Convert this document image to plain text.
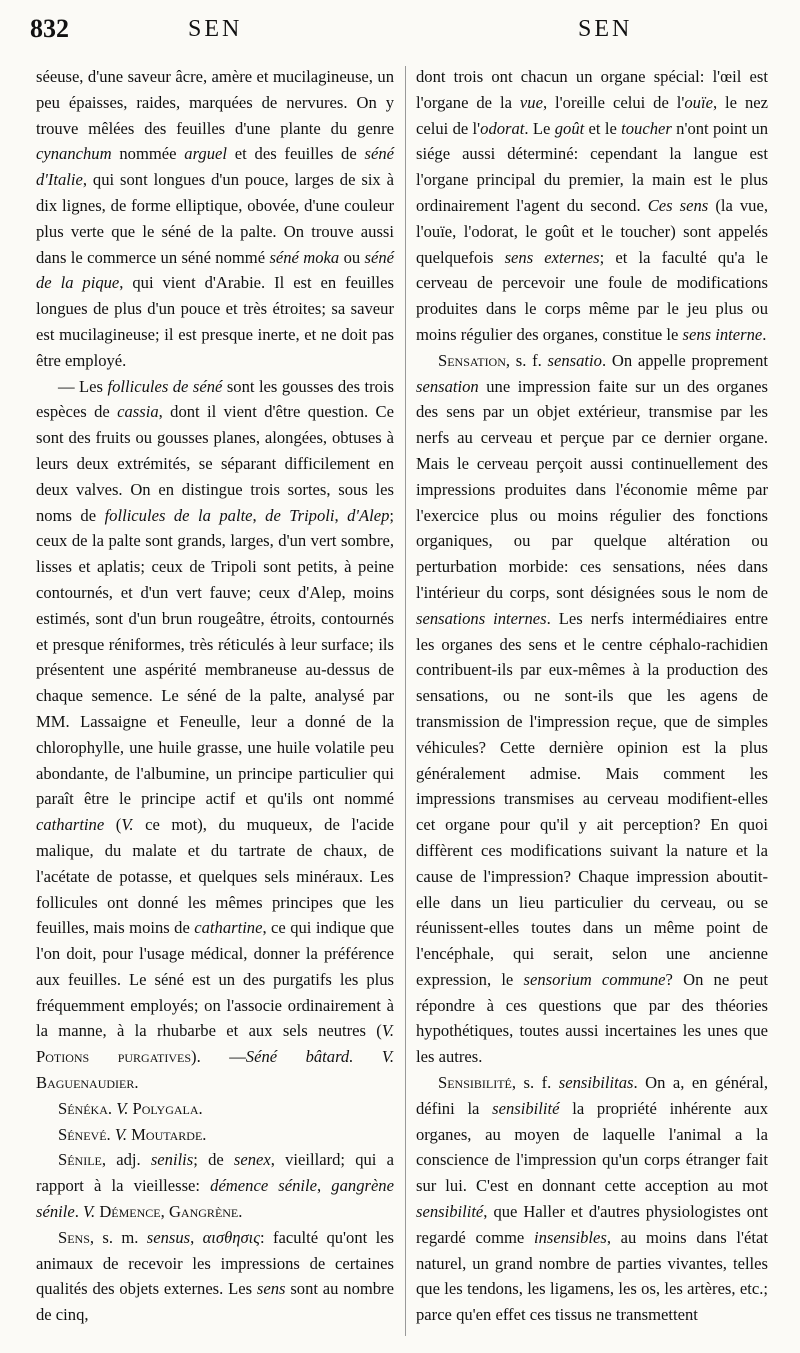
832	SEN	SEN

séeuse, d'une saveur âcre, amère et mucilagineuse, un peu épaisses, raides, marquées de nervures. On y trouve mêlées des feuilles d'une plante du genre cynanchum nommée arguel et des feuilles de séné d'Italie, qui sont longues d'un pouce, larges de six à dix lignes, de forme elliptique, obovée, d'une couleur plus verte que le séné de la palte. On trouve aussi dans le commerce un séné nommé séné moka ou séné de la pique, qui vient d'Arabie. Il est en feuilles longues de plus d'un pouce et très étroites; sa saveur est mucilagineuse; il est presque inerte, et ne doit pas être employé.

— Les follicules de séné sont les gousses des trois espèces de cassia, dont il vient d'être question. Ce sont des fruits ou gousses planes, alongées, obtuses à leurs deux extrémités, se séparant difficilement en deux valves. On en distingue trois sortes, sous les noms de follicules de la palte, de Tripoli, d'Alep; ceux de la palte sont grands, larges, d'un vert sombre, lisses et aplatis; ceux de Tripoli sont petits, à peine contournés, et d'un vert fauve; ceux d'Alep, moins estimés, sont d'un brun rougeâtre, étroits, contournés et presque réniformes, très réticulés à leur surface; ils présentent une aspérité membraneuse au-dessus de chaque semence. Le séné de la palte, analysé par MM. Lassaigne et Feneulle, leur a donné de la chlorophylle, une huile grasse, une huile volatile peu abondante, de l'albumine, un principe particulier qui paraît être le principe actif et qu'ils ont nommé cathartine (V. ce mot), du muqueux, de l'acide malique, du malate et du tartrate de chaux, de l'acétate de potasse, et quelques sels minéraux. Les follicules ont donné les mêmes principes que les feuilles, mais moins de cathartine, ce qui indique que l'on doit, pour l'usage médical, donner la préférence aux feuilles. Le séné est un des purgatifs les plus fréquemment employés; on l'associe ordinairement à la manne, à la rhubarbe et aux sels neutres (V. Potions purgatives). —Séné bâtard. V. Baguenaudier.

Sénéka. V. Polygala.

Sénevé. V. Moutarde.

Sénile, adj. senilis; de senex, vieillard; qui a rapport à la vieillesse: démence sénile, gangrène sénile. V. Démence, Gangrène.

Sens, s. m. sensus, αισθησις: faculté qu'ont les animaux de recevoir les impressions de certaines qualités des objets externes. Les sens sont au nombre de cinq,

dont trois ont chacun un organe spécial: l'œil est l'organe de la vue, l'oreille celui de l'ouïe, le nez celui de l'odorat. Le goût et le toucher n'ont point un siége aussi déterminé: cependant la langue est l'organe principal du premier, la main est le plus ordinairement l'agent du second. Ces sens (la vue, l'ouïe, l'odorat, le goût et le toucher) sont appelés quelquefois sens externes; et la faculté qu'a le cerveau de percevoir une foule de modifications produites dans le corps même par le jeu plus ou moins régulier des organes, constitue le sens interne.

Sensation, s. f. sensatio. On appelle proprement sensation une impression faite sur un des organes des sens par un objet extérieur, transmise par les nerfs au cerveau et perçue par ce dernier organe. Mais le cerveau perçoit aussi continuellement des impressions produites dans l'économie même par l'exercice plus ou moins régulier des fonctions organiques, ou par quelque altération ou perturbation morbide: ces sensations, nées dans l'intérieur du corps, sont désignées sous le nom de sensations internes. Les nerfs intermédiaires entre les organes des sens et le centre céphalo-rachidien contribuent-ils par eux-mêmes à la production des sensations, ou ne sont-ils que les agens de transmission de l'impression reçue, que de simples véhicules? Cette dernière opinion est la plus généralement admise. Mais comment les impressions transmises au cerveau modifient-elles cet organe pour qu'il y ait perception? En quoi diffèrent ces modifications suivant la nature et la cause de l'impression? Chaque impression aboutit-elle dans un lieu particulier du cerveau, ou se réunissent-elles toutes dans un même point de l'encéphale, qui serait, selon une ancienne expression, le sensorium commune? On ne peut répondre à ces questions que par des théories hypothétiques, toutes aussi incertaines les unes que les autres.

Sensibilité, s. f. sensibilitas. On a, en général, défini la sensibilité la propriété inhérente aux organes, au moyen de laquelle l'animal a la conscience de l'impression qu'un corps étranger fait sur lui. C'est en donnant cette acception au mot sensibilité, que Haller et d'autres physiologistes ont regardé comme insensibles, au moins dans l'état naturel, un grand nombre de parties vivantes, telles que les tendons, les ligamens, les os, les artères, etc.; parce qu'en effet ces tissus ne transmettent
